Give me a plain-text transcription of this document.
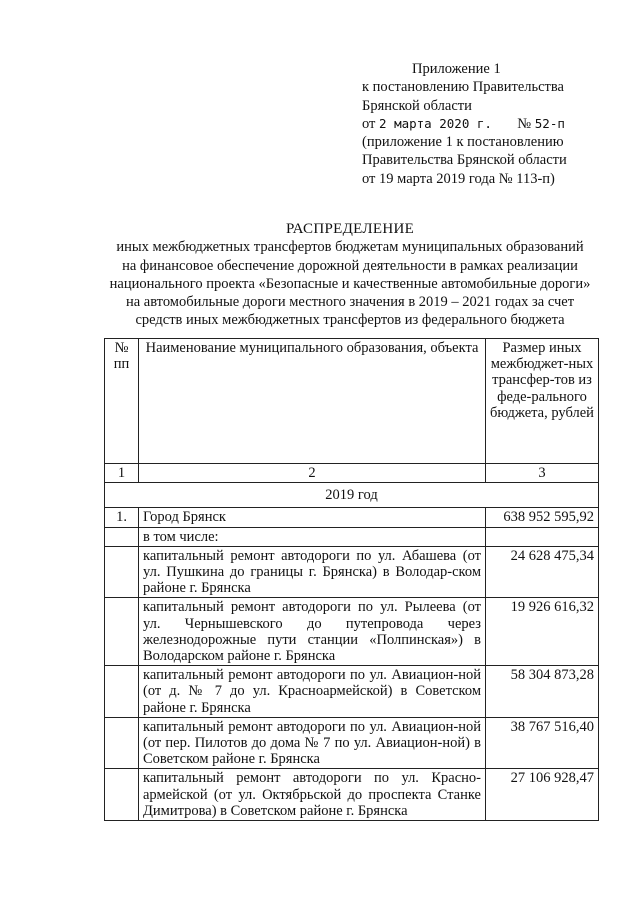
Приложение 1
к постановлению Правительства
Брянской области
от 2 марта 2020 г. № 52-п
(приложение 1 к постановлению
Правительства Брянской области
от 19 марта 2019 года № 113-п)
РАСПРЕДЕЛЕНИЕ
иных межбюджетных трансфертов бюджетам муниципальных образований
на финансовое обеспечение дорожной деятельности в рамках реализации
национального проекта «Безопасные и качественные автомобильные дороги»
на автомобильные дороги местного значения в 2019 – 2021 годах за счет
средств иных межбюджетных трансфертов из федерального бюджета
№ пп	Наименование муниципального образования, объекта	Размер иных межбюджет-ных трансфер-тов из феде-рального бюджета, рублей
1	2	3
2019 год		
1.	Город Брянск	638 952 595,92
	в том числе:	
	капитальный ремонт автодороги по ул. Абашева (от ул. Пушкина до границы г. Брянска) в Володар-ском районе г. Брянска	24 628 475,34
	капитальный ремонт автодороги по ул. Рылеева (от ул. Чернышевского до путепровода через железнодорожные пути станции «Полпинская») в Володарском районе г. Брянска	19 926 616,32
	капитальный ремонт автодороги по ул. Авиацион-ной (от д. № 7 до ул. Красноармейской) в Советском районе г. Брянска	58 304 873,28
	капитальный ремонт автодороги по ул. Авиацион-ной (от пер. Пилотов до дома № 7 по ул. Авиацион-ной) в Советском районе г. Брянска	38 767 516,40
	капитальный ремонт автодороги по ул. Красно-армейской (от ул. Октябрьской до проспекта Станке Димитрова) в Советском районе г. Брянска	27 106 928,47
